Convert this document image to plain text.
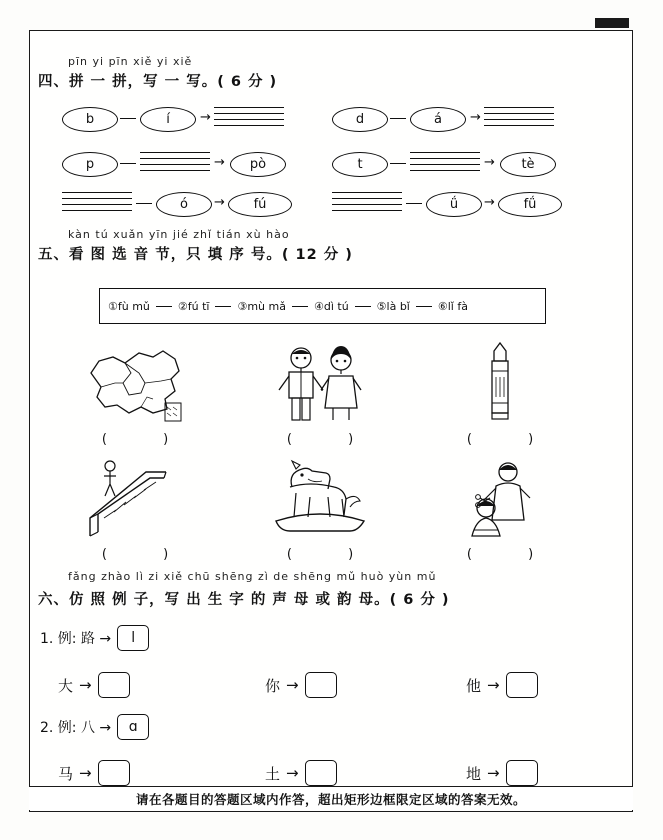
pīn yi pīn xiě yi xiě
四、拼 一 拼，写 一 写。( 6 分 )
b	í	→	d	á	→
p	→	pò	t	→	tè
ó	→	fú	ǘ	→	fǘ
kàn tú xuǎn yīn jié zhǐ tián xù hào
五、看 图 选 音 节，只 填 序 号。( 12 分 )
①fù mǔ	②fú tī	③mù mǎ	④dì tú	⑤là bǐ	⑥lǐ fà
( )	( )	( )
( )	( )	( )
fǎng zhào lì zi xiě chū shēng zì de shēng mǔ huò yùn mǔ
六、仿 照 例 子，写 出 生 字 的 声 母 或 韵 母。( 6 分 )
1. 例: 路 →	l
大 →	你 →	他 →
2. 例: 八 →	ɑ
马 →	土 →	地 →
请在各题目的答题区域内作答，超出矩形边框限定区域的答案无效。
